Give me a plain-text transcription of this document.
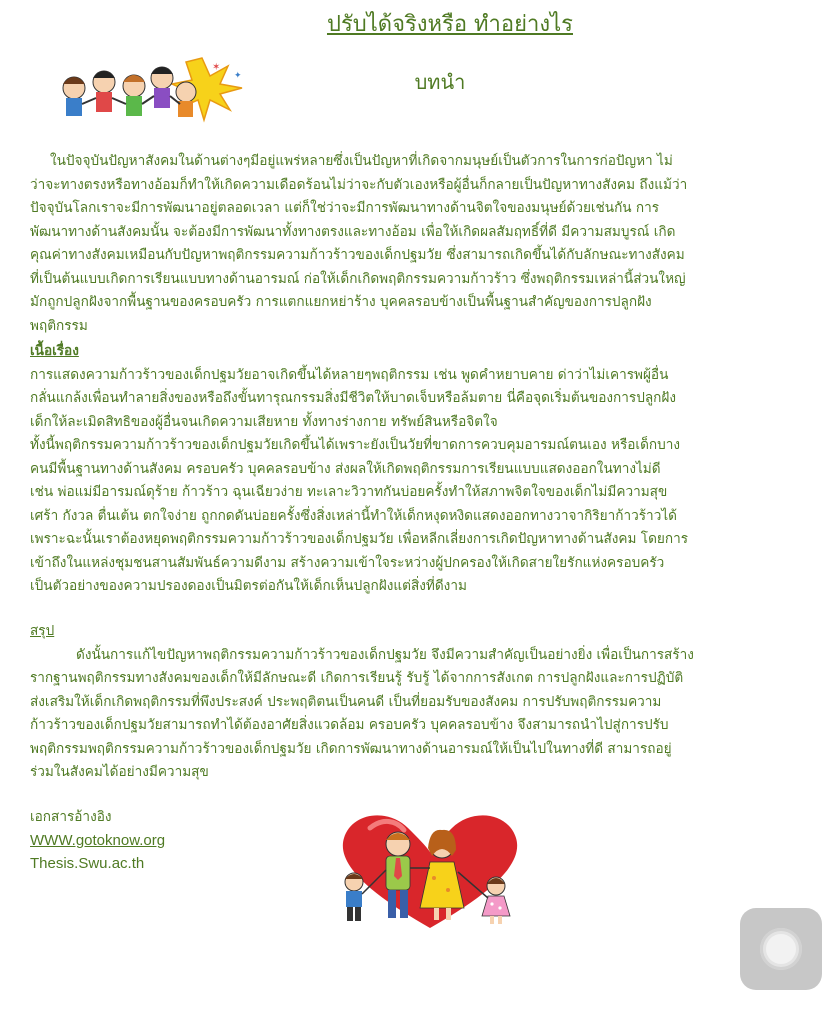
ปรับได้จริงหรือ ทำอย่างไร
✶
✦	บทนำ
ในปัจจุบันปัญหาสังคมในด้านต่างๆมีอยู่แพร่หลายซึ่งเป็นปัญหาที่เกิดจากมนุษย์เป็นตัวการในการก่อปัญหา ไม่
ว่าจะทางตรงหรือทางอ้อมก็ทำให้เกิดความเดือดร้อนไม่ว่าจะกับตัวเองหรือผู้อื่นก็กลายเป็นปัญหาทางสังคม ถึงแม้ว่า
ปัจจุบันโลกเราจะมีการพัฒนาอยู่ตลอดเวลา แต่ก็ใช่ว่าจะมีการพัฒนาทางด้านจิตใจของมนุษย์ด้วยเช่นกัน การ
พัฒนาทางด้านสังคมนั้น จะต้องมีการพัฒนาทั้งทางตรงและทางอ้อม เพื่อให้เกิดผลสัมฤทธิ์ที่ดี มีความสมบูรณ์ เกิด
คุณค่าทางสังคมเหมือนกับปัญหาพฤติกรรมความก้าวร้าวของเด็กปฐมวัย ซึ่งสามารถเกิดขึ้นได้กับลักษณะทางสังคม
ที่เป็นต้นแบบเกิดการเรียนแบบทางด้านอารมณ์ ก่อให้เด็กเกิดพฤติกรรมความก้าวร้าว ซึ่งพฤติกรรมเหล่านี้ส่วนใหญ่
มักถูกปลูกฝังจากพื้นฐานของครอบครัว การแตกแยกหย่าร้าง บุคคลรอบข้างเป็นพื้นฐานสำคัญของการปลูกฝัง
พฤติกรรม
เนื้อเรื่อง
การแสดงความก้าวร้าวของเด็กปฐมวัยอาจเกิดขึ้นได้หลายๆพฤติกรรม เช่น พูดคำหยาบคาย ด่าว่าไม่เคารพผู้อื่น
กลั่นแกล้งเพื่อนทำลายสิ่งของหรือถึงขั้นทารุณกรรมสิ่งมีชีวิตให้บาดเจ็บหรือล้มตาย นี่คือจุดเริ่มต้นของการปลูกฝัง
เด็กให้ละเมิดสิทธิของผู้อื่นจนเกิดความเสียหาย ทั้งทางร่างกาย ทรัพย์สินหรือจิตใจ
ทั้งนี้พฤติกรรมความก้าวร้าวของเด็กปฐมวัยเกิดขึ้นได้เพราะยังเป็นวัยที่ขาดการควบคุมอารมณ์ตนเอง หรือเด็กบาง
คนมีพื้นฐานทางด้านสังคม ครอบครัว บุคคลรอบข้าง ส่งผลให้เกิดพฤติกรรมการเรียนแบบแสดงออกในทางไม่ดี
เช่น พ่อแม่มีอารมณ์ดุร้าย ก้าวร้าว ฉุนเฉียวง่าย ทะเลาะวิวาทกันบ่อยครั้งทำให้สภาพจิตใจของเด็กไม่มีความสุข
เศร้า กังวล ตื่นเต้น ตกใจง่าย ถูกกดดันบ่อยครั้งซึ่งสิ่งเหล่านี้ทำให้เด็กหงุดหงิดแสดงออกทางวาจากิริยาก้าวร้าวได้
เพราะฉะนั้นเราต้องหยุดพฤติกรรมความก้าวร้าวของเด็กปฐมวัย เพื่อหลีกเลี่ยงการเกิดปัญหาทางด้านสังคม โดยการ
เข้าถึงในแหล่งชุมชนสานสัมพันธ์ความดีงาม สร้างความเข้าใจระหว่างผู้ปกครองให้เกิดสายใยรักแห่งครอบครัว
เป็นตัวอย่างของความปรองดองเป็นมิตรต่อกันให้เด็กเห็นปลูกฝังแต่สิ่งที่ดีงาม
สรุป
ดังนั้นการแก้ไขปัญหาพฤติกรรมความก้าวร้าวของเด็กปฐมวัย จึงมีความสำคัญเป็นอย่างยิ่ง เพื่อเป็นการสร้าง
รากฐานพฤติกรรมทางสังคมของเด็กให้มีลักษณะดี เกิดการเรียนรู้ รับรู้ ได้จากการสังเกต การปลูกฝังและการปฏิบัติ
ส่งเสริมให้เด็กเกิดพฤติกรรมที่พึงประสงค์ ประพฤติตนเป็นคนดี เป็นที่ยอมรับของสังคม การปรับพฤติกรรมความ
ก้าวร้าวของเด็กปฐมวัยสามารถทำได้ต้องอาศัยสิ่งแวดล้อม ครอบครัว บุคคลรอบข้าง จึงสามารถนำไปสู่การปรับ
พฤติกรรมพฤติกรรมความก้าวร้าวของเด็กปฐมวัย เกิดการพัฒนาทางด้านอารมณ์ให้เป็นไปในทางที่ดี สามารถอยู่
ร่วมในสังคมได้อย่างมีความสุข
เอกสารอ้างอิง
WWW.gotoknow.org
Thesis.Swu.ac.th
